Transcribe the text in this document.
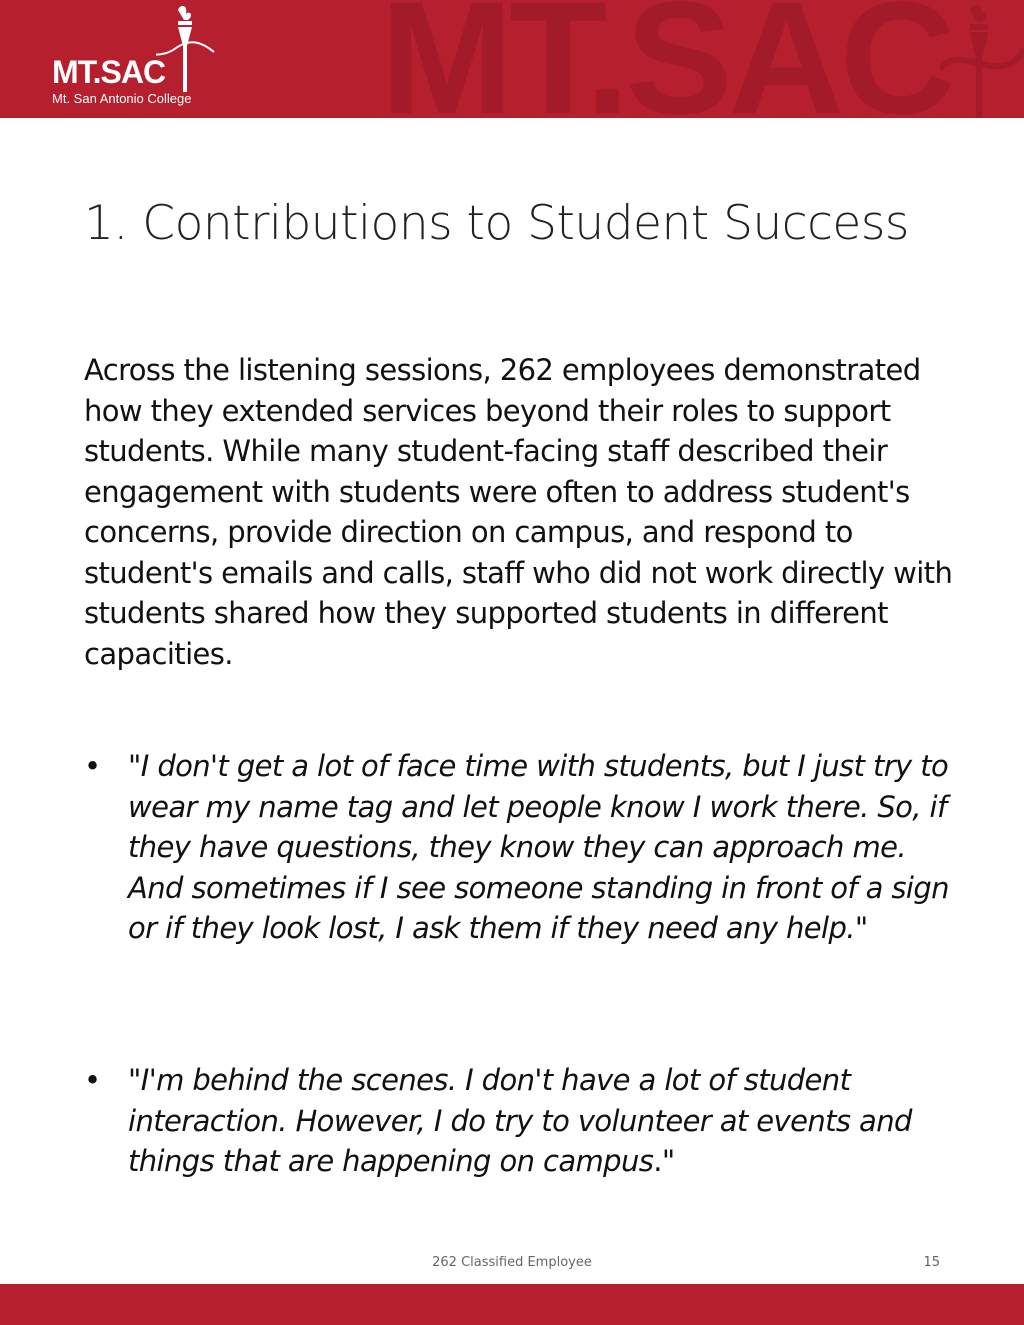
MT.SAC
MT.SAC
Mt. San Antonio College
1. Contributions to Student Success

Across the listening sessions, 262 employees demonstrated how they extended services beyond their roles to support students. While many student-facing staff described their engagement with students were often to address student's concerns, provide direction on campus, and respond to student's emails and calls, staff who did not work directly with students shared how they supported students in different capacities.

• "I don't get a lot of face time with students, but I just try to wear my name tag and let people know I work there. So, if they have questions, they know they can approach me. And sometimes if I see someone standing in front of a sign or if they look lost, I ask them if they need any help."
• "I'm behind the scenes. I don't have a lot of student interaction. However, I do try to volunteer at events and things that are happening on campus."
262 Classified Employee	15
